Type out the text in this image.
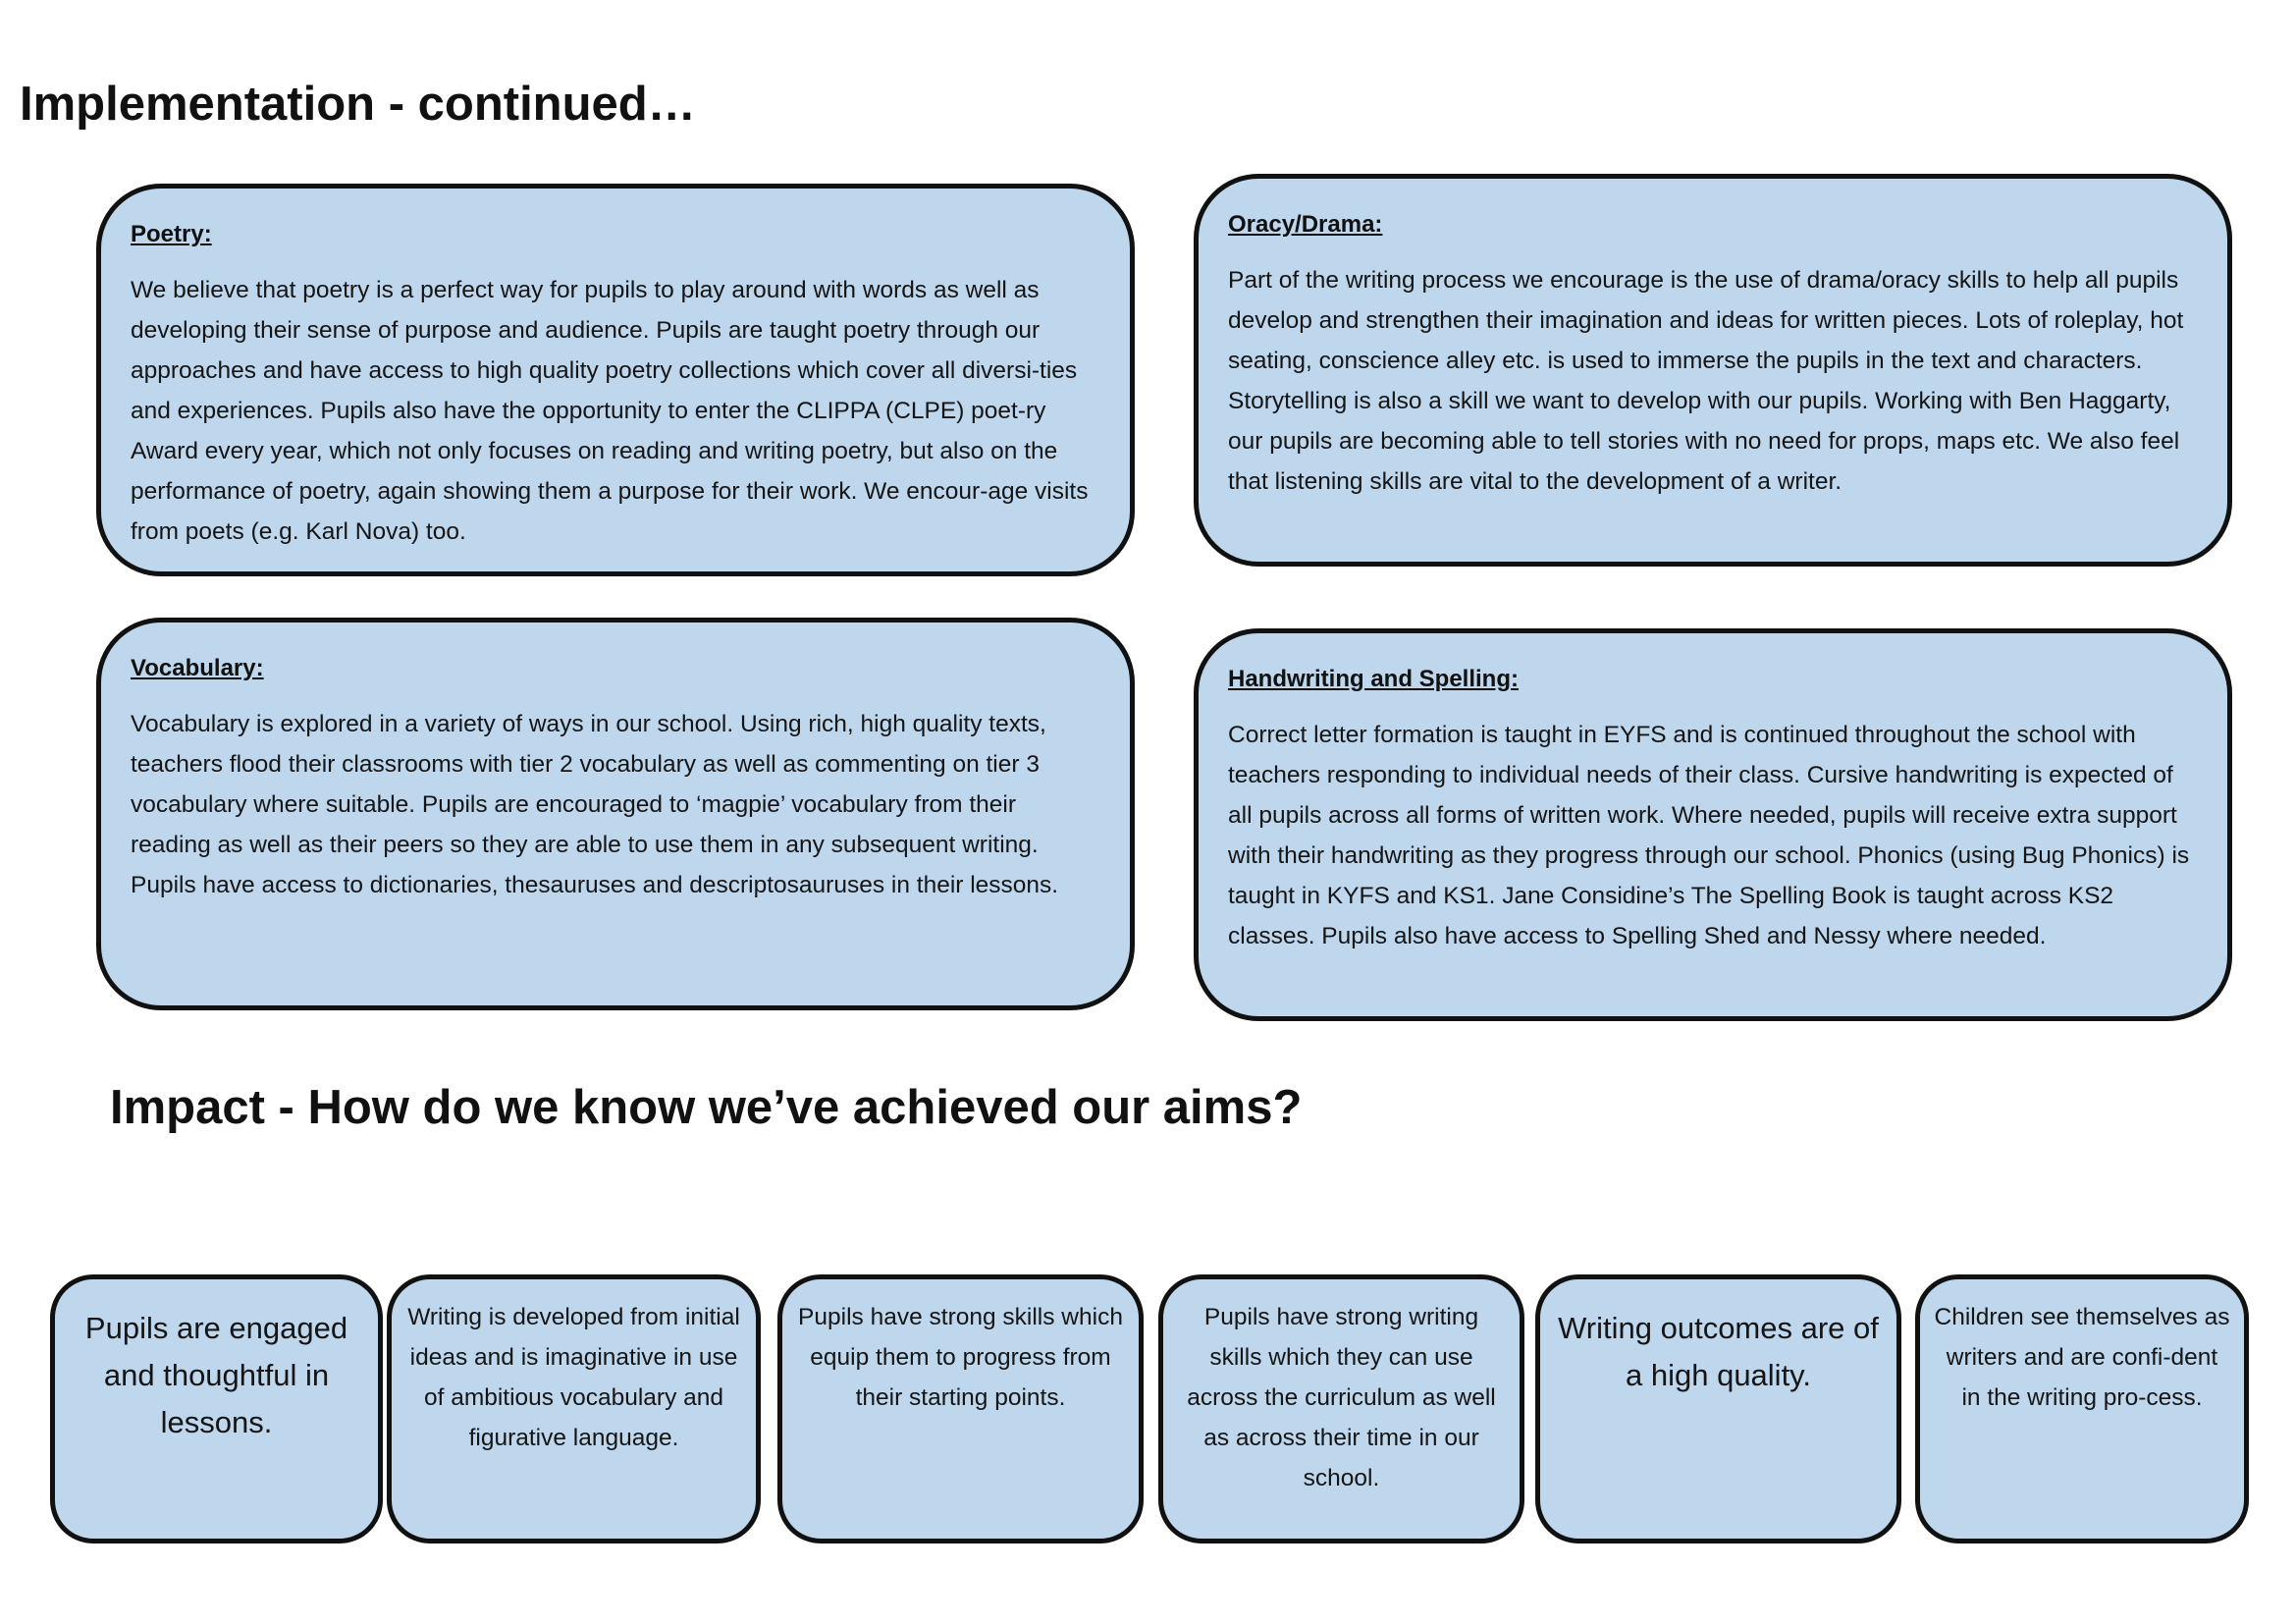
Implementation - continued…
Poetry:

We believe that poetry is a perfect way for pupils to play around with words as well as developing their sense of purpose and audience. Pupils are taught poetry through our approaches and have access to high quality poetry collections which cover all diversi-ties and experiences. Pupils also have the opportunity to enter the CLIPPA (CLPE) poet-ry Award every year, which not only focuses on reading and writing poetry, but also on the performance of poetry, again showing them a purpose for their work. We encour-age visits from poets (e.g. Karl Nova) too.

Oracy/Drama:

Part of the writing process we encourage is the use of drama/oracy skills to help all pupils develop and strengthen their imagination and ideas for written pieces. Lots of roleplay, hot seating, conscience alley etc. is used to immerse the pupils in the text and characters. Storytelling is also a skill we want to develop with our pupils. Working with Ben Haggarty, our pupils are becoming able to tell stories with no need for props, maps etc. We also feel that listening skills are vital to the development of a writer.

Vocabulary:

Vocabulary is explored in a variety of ways in our school. Using rich, high quality texts, teachers flood their classrooms with tier 2 vocabulary as well as commenting on tier 3 vocabulary where suitable. Pupils are encouraged to ‘magpie’ vocabulary from their reading as well as their peers so they are able to use them in any subsequent writing. Pupils have access to dictionaries, thesauruses and descriptosauruses in their lessons.

Handwriting and Spelling:

Correct letter formation is taught in EYFS and is continued throughout the school with teachers responding to individual needs of their class. Cursive handwriting is expected of all pupils across all forms of written work. Where needed, pupils will receive extra support with their handwriting as they progress through our school. Phonics (using Bug Phonics) is taught in KYFS and KS1. Jane Considine’s The Spelling Book is taught across KS2 classes. Pupils also have access to Spelling Shed and Nessy where needed.

Impact - How do we know we’ve achieved our aims?

Pupils are engaged and thoughtful in lessons.

Writing is developed from initial ideas and is imaginative in use of ambitious vocabulary and figurative language.

Pupils have strong skills which equip them to progress from their starting points.

Pupils have strong writing skills which they can use across the curriculum as well as across their time in our school.

Writing outcomes are of a high quality.

Children see themselves as writers and are confi-dent in the writing pro-cess.
